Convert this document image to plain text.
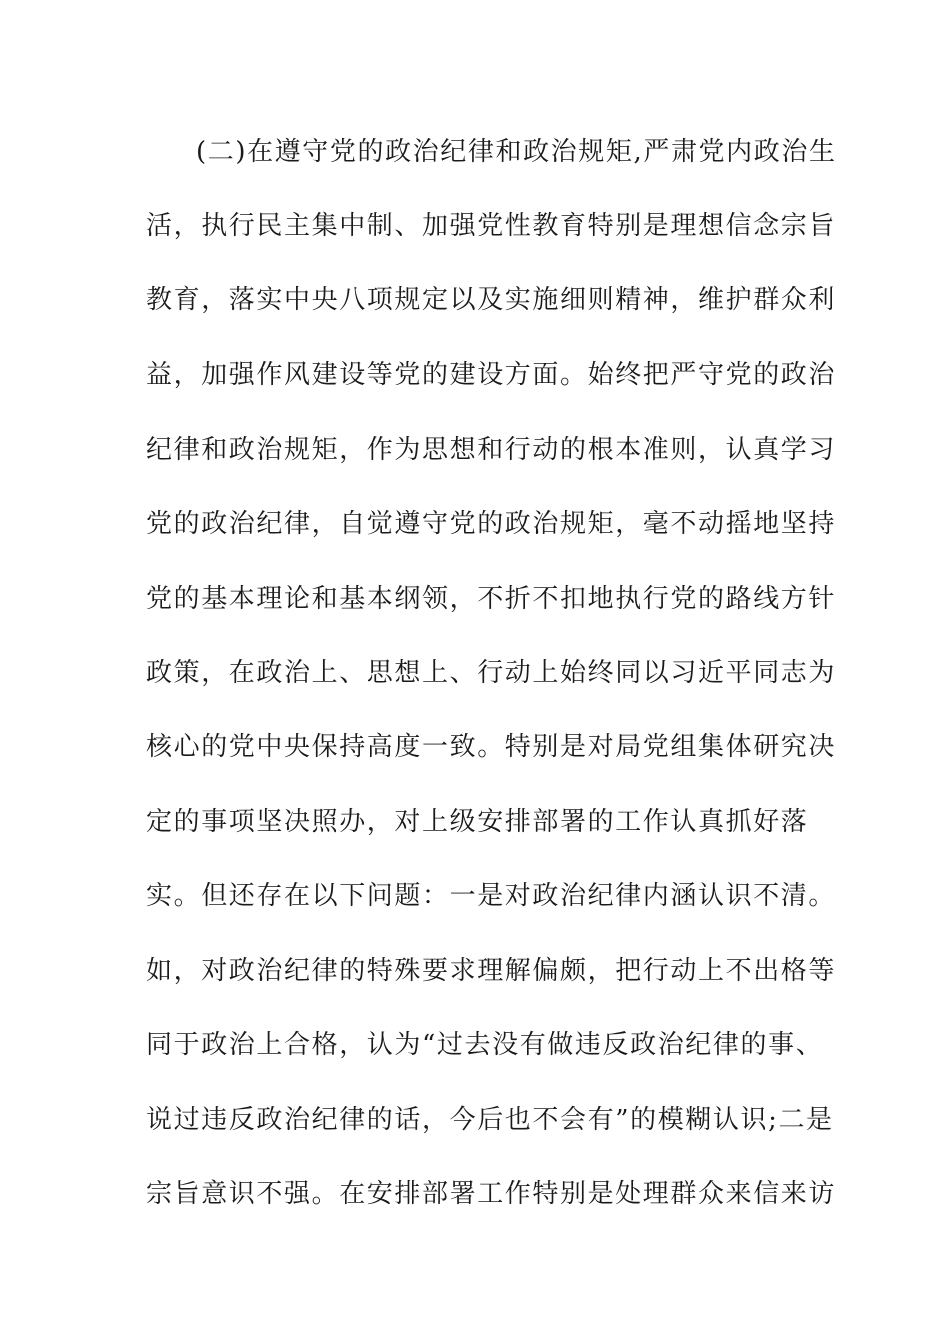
(二)在遵守党的政治纪律和政治规矩,严肃党内政治生
活，执行民主集中制、加强党性教育特别是理想信念宗旨
教育，落实中央八项规定以及实施细则精神，维护群众利
益，加强作风建设等党的建设方面。始终把严守党的政治
纪律和政治规矩，作为思想和行动的根本准则，认真学习
党的政治纪律，自觉遵守党的政治规矩，毫不动摇地坚持
党的基本理论和基本纲领，不折不扣地执行党的路线方针
政策，在政治上、思想上、行动上始终同以习近平同志为
核心的党中央保持高度一致。特别是对局党组集体研究决
定的事项坚决照办，对上级安排部署的工作认真抓好落
实。但还存在以下问题：一是对政治纪律内涵认识不清。
如，对政治纪律的特殊要求理解偏颇，把行动上不出格等
同于政治上合格，认为“过去没有做违反政治纪律的事、
说过违反政治纪律的话，今后也不会有”的模糊认识;二是
宗旨意识不强。在安排部署工作特别是处理群众来信来访
